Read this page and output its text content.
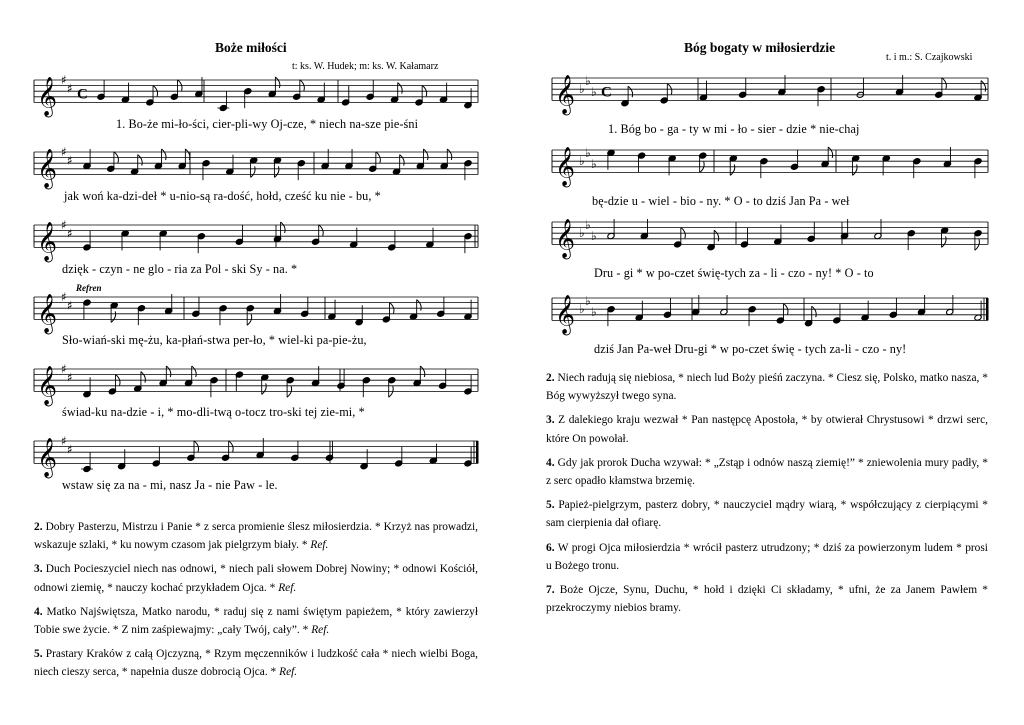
Boże miłości
t: ks. W. Hudek; m: ks. W. Kałamarz
𝄞 ♯
♯ C
𝄞 ♯
♯
𝄞 ♯
♯
𝄞 ♯
♯
𝄞 ♯
♯
𝄞 ♯
♯
Refren
1. Bo-że mi-ło-ści, cier-pli-wy Oj-cze, * niech na-sze pie-śni
jak woń ka-dzi-deł * u-nio-są ra-dość, hołd, cześć ku nie - bu, *
dzięk - czyn - ne glo - ria za Pol - ski Sy - na. *
Sło-wiań-ski mę-żu, ka-płań-stwa per-ło, * wiel-ki pa-pie-żu,
świad-ku na-dzie - i, * mo-dli-twą o-tocz tro-ski tej zie-mi, *
wstaw się za na - mi, nasz Ja - nie Paw - le.

2. Dobry Pasterzu, Mistrzu i Panie * z serca promienie ślesz miłosierdzia. * Krzyż nas prowadzi, wskazuje szlaki, * ku nowym czasom jak pielgrzym biały. * Ref.

3. Duch Pocieszyciel niech nas odnowi, * niech pali słowem Dobrej Nowiny; * odnowi Kościół, odnowi ziemię, * nauczy kochać przykładem Ojca. * Ref.

4. Matko Najświętsza, Matko narodu, * raduj się z nami świętym papieżem, * który zawierzył Tobie swe życie. * Z nim zaśpiewajmy: „cały Twój, cały”. * Ref.

5. Prastary Kraków z całą Ojczyzną, * Rzym męczenników i ludzkość cała * niech wielbi Boga, niech cieszy serca, * napełnia dusze dobrocią Ojca. * Ref.

Bóg bogaty w miłosierdzie
t. i m.: S. Czajkowski
𝄞 ♭
♭
♭ C
𝄞 ♭
♭
♭
𝄞 ♭
♭
♭
𝄞 ♭
♭
♭
1. Bóg bo - ga - ty w mi - ło - sier - dzie * nie-chaj
bę-dzie u - wiel - bio - ny. * O - to dziś Jan Pa - weł
Dru - gi * w po-czet świę-tych za - li - czo - ny! * O - to
dziś Jan Pa-weł Dru-gi * w po-czet świę - tych za-li - czo - ny!

2. Niech radują się niebiosa, * niech lud Boży pieśń zaczyna. * Ciesz się, Polsko, matko nasza, * Bóg wywyższył twego syna.

3. Z dalekiego kraju wezwał * Pan następcę Apostoła, * by otwierał Chrystusowi * drzwi serc, które On powołał.

4. Gdy jak prorok Ducha wzywał: * „Zstąp i odnów naszą ziemię!” * zniewolenia mury padły, * z serc opadło kłamstwa brzemię.

5. Papież-pielgrzym, pasterz dobry, * nauczyciel mądry wiarą, * współczujący z cierpiącymi * sam cierpienia dał ofiarę.

6. W progi Ojca miłosierdzia * wrócił pasterz utrudzony; * dziś za powierzonym ludem * prosi u Bożego tronu.

7. Boże Ojcze, Synu, Duchu, * hołd i dzięki Ci składamy, * ufni, że za Janem Pawłem * przekroczymy niebios bramy.
